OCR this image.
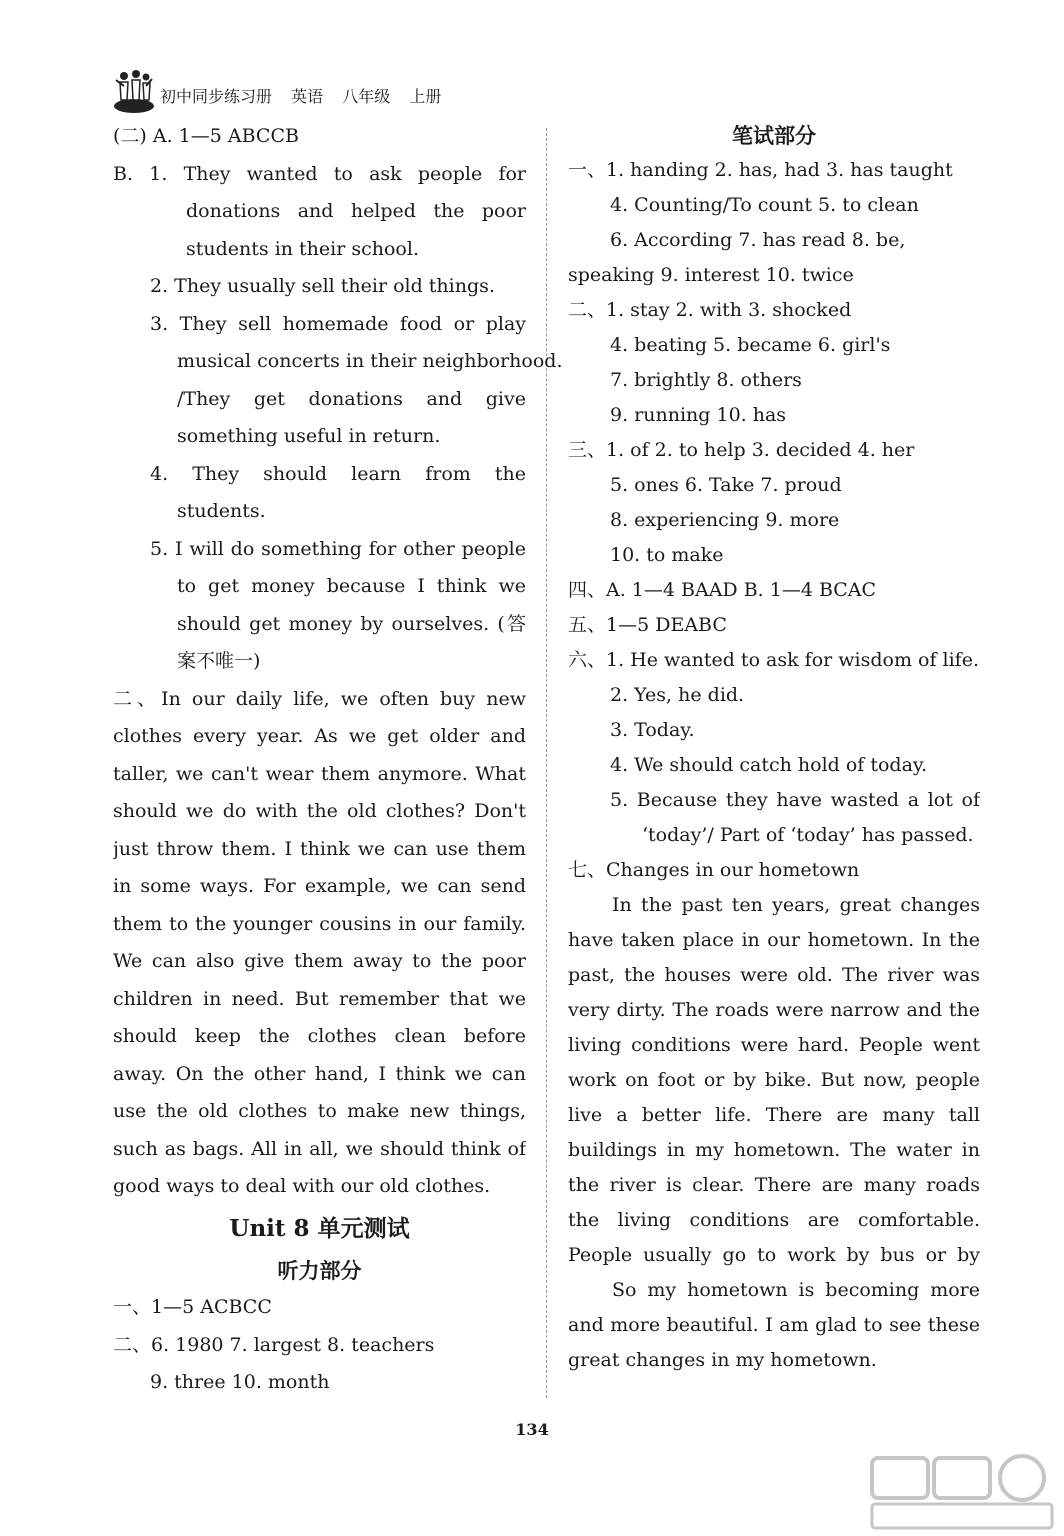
初中同步练习册 英语 八年级 上册
(二) A. 1—5 ABCCB
B. 1. They wanted to ask people for
donations and helped the poor
students in their school.
2. They usually sell their old things.
3. They sell homemade food or play
musical concerts in their neighborhood.
/They get donations and give
something useful in return.
4. They should learn from the
students.
5. I will do something for other people
to get money because I think we
should get money by ourselves. (答
案不唯一)
二、In our daily life, we often buy new
clothes every year. As we get older and
taller, we can't wear them anymore. What
should we do with the old clothes? Don't
just throw them. I think we can use them
in some ways. For example, we can send
them to the younger cousins in our family.
We can also give them away to the poor
children in need. But remember that we
should keep the clothes clean before
away. On the other hand, I think we can
use the old clothes to make new things,
such as bags. All in all, we should think of
good ways to deal with our old clothes.
Unit 8 单元测试
听力部分
一、1—5 ACBCC
二、6. 1980 7. largest 8. teachers
9. three 10. month
笔试部分
一、1. handing 2. has, had 3. has taught
4. Counting/To count 5. to clean
6. According 7. has read 8. be,
speaking 9. interest 10. twice
二、1. stay 2. with 3. shocked
4. beating 5. became 6. girl's
7. brightly 8. others
9. running 10. has
三、1. of 2. to help 3. decided 4. her
5. ones 6. Take 7. proud
8. experiencing 9. more
10. to make
四、A. 1—4 BAAD B. 1—4 BCAC
五、1—5 DEABC
六、1. He wanted to ask for wisdom of life.
2. Yes, he did.
3. Today.
4. We should catch hold of today.
5. Because they have wasted a lot of
‘today’/ Part of ‘today’ has passed.
七、Changes in our hometown
In the past ten years, great changes
have taken place in our hometown. In the
past, the houses were old. The river was
very dirty. The roads were narrow and the
living conditions were hard. People went
work on foot or by bike. But now, people
live a better life. There are many tall
buildings in my hometown. The water in
the river is clear. There are many roads
the living conditions are comfortable.
People usually go to work by bus or by
So my hometown is becoming more
and more beautiful. I am glad to see these
great changes in my hometown.
134
